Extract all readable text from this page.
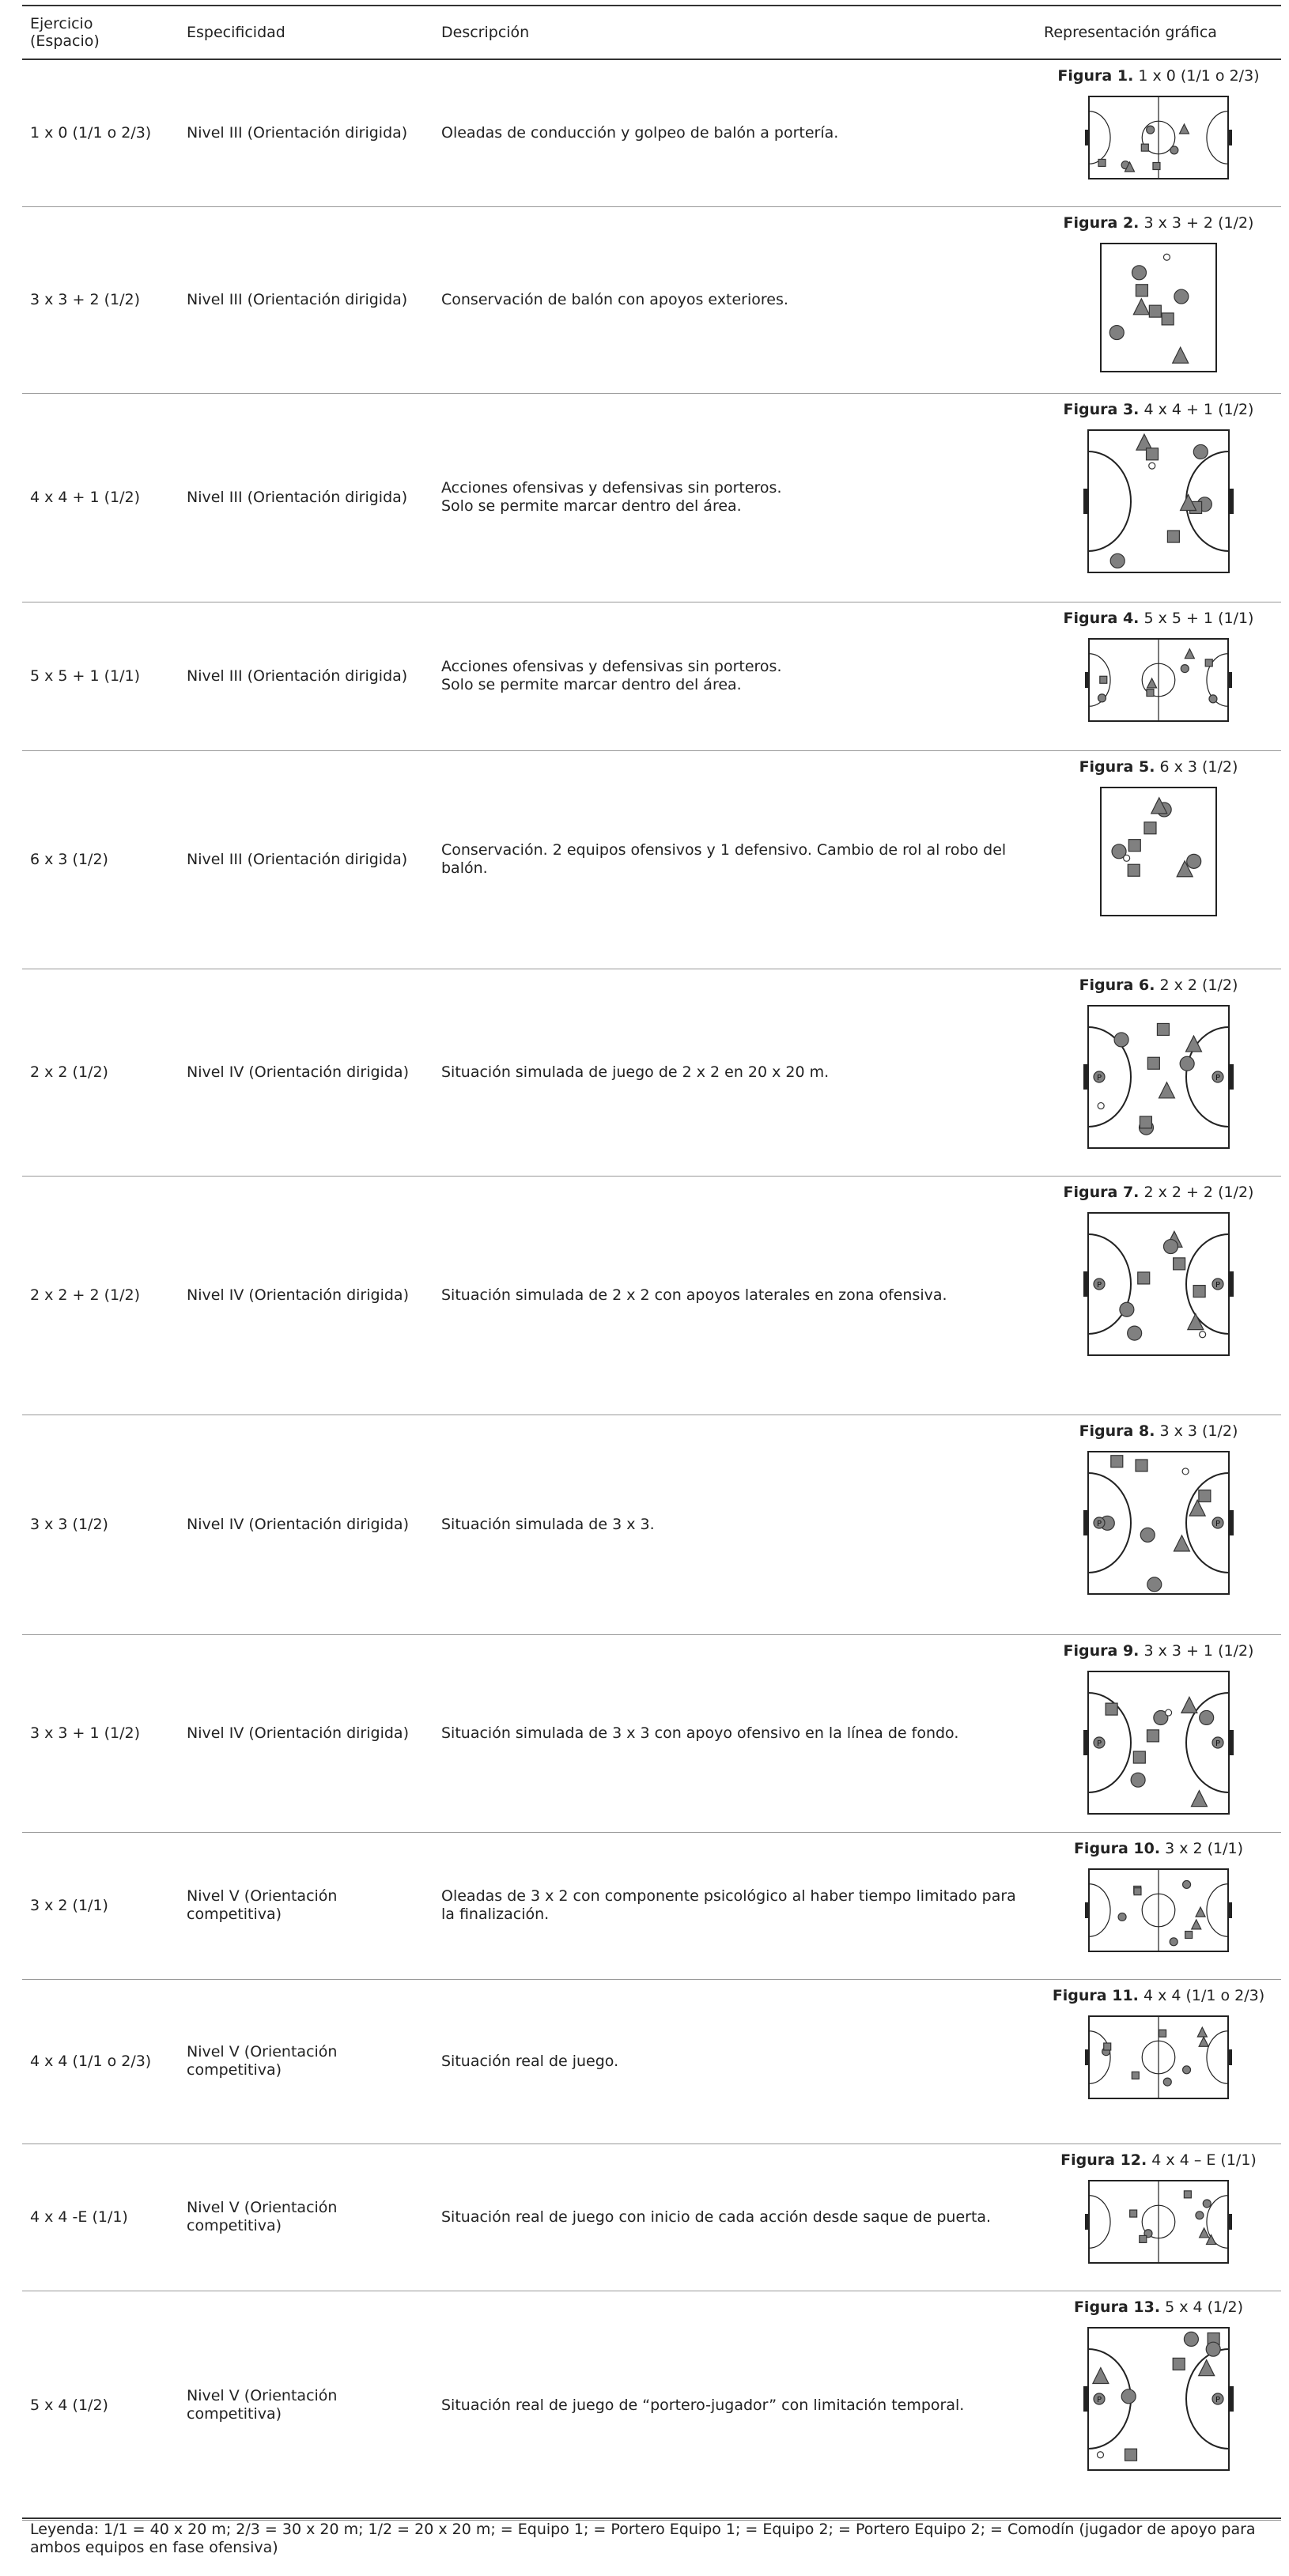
Ejercicio
(Espacio)	Especificidad	Descripción	Representación gráfica
1 x 0 (1/1 o 2/3)	Nivel III (Orientación dirigida)	Oleadas de conducción y golpeo de balón a portería.	Figura 1. 1 x 0 (1/1 o 2/3)

3 x 3 + 2 (1/2)	Nivel III (Orientación dirigida)	Conservación de balón con apoyos exteriores.	Figura 2. 3 x 3 + 2 (1/2)

4 x 4 + 1 (1/2)	Nivel III (Orientación dirigida)	Acciones ofensivas y defensivas sin porteros.
Solo se permite marcar dentro del área.	Figura 3. 4 x 4 + 1 (1/2)

5 x 5 + 1 (1/1)	Nivel III (Orientación dirigida)	Acciones ofensivas y defensivas sin porteros.
Solo se permite marcar dentro del área.	Figura 4. 5 x 5 + 1 (1/1)

6 x 3 (1/2)	Nivel III (Orientación dirigida)	Conservación. 2 equipos ofensivos y 1 defensivo. Cambio de rol al robo del balón.	Figura 5. 6 x 3 (1/2)

2 x 2 (1/2)	Nivel IV (Orientación dirigida)	Situación simulada de juego de 2 x 2 en 20 x 20 m.	Figura 6. 2 x 2 (1/2)
P P

2 x 2 + 2 (1/2)	Nivel IV (Orientación dirigida)	Situación simulada de 2 x 2 con apoyos laterales en zona ofensiva.	Figura 7. 2 x 2 + 2 (1/2)
P P

3 x 3 (1/2)	Nivel IV (Orientación dirigida)	Situación simulada de 3 x 3.	Figura 8. 3 x 3 (1/2)
P P

3 x 3 + 1 (1/2)	Nivel IV (Orientación dirigida)	Situación simulada de 3 x 3 con apoyo ofensivo en la línea de fondo.	Figura 9. 3 x 3 + 1 (1/2)
P P

3 x 2 (1/1)	Nivel V (Orientación competitiva)	Oleadas de 3 x 2 con componente psicológico al haber tiempo limitado para la finalización.	Figura 10. 3 x 2 (1/1)

4 x 4 (1/1 o 2/3)	Nivel V (Orientación competitiva)	Situación real de juego.	Figura 11. 4 x 4 (1/1 o 2/3)

4 x 4 -E (1/1)	Nivel V (Orientación competitiva)	Situación real de juego con inicio de cada acción desde saque de puerta.	Figura 12. 4 x 4 – E (1/1)

5 x 4 (1/2)	Nivel V (Orientación competitiva)	Situación real de juego de “portero-jugador” con limitación temporal.	Figura 13. 5 x 4 (1/2)
P P
Leyenda: 1/1 = 40 x 20 m; 2/3 = 30 x 20 m; 1/2 = 20 x 20 m; = Equipo 1; = Portero Equipo 1; = Equipo 2; = Portero Equipo 2; = Comodín (jugador de apoyo para ambos equipos en fase ofensiva)
